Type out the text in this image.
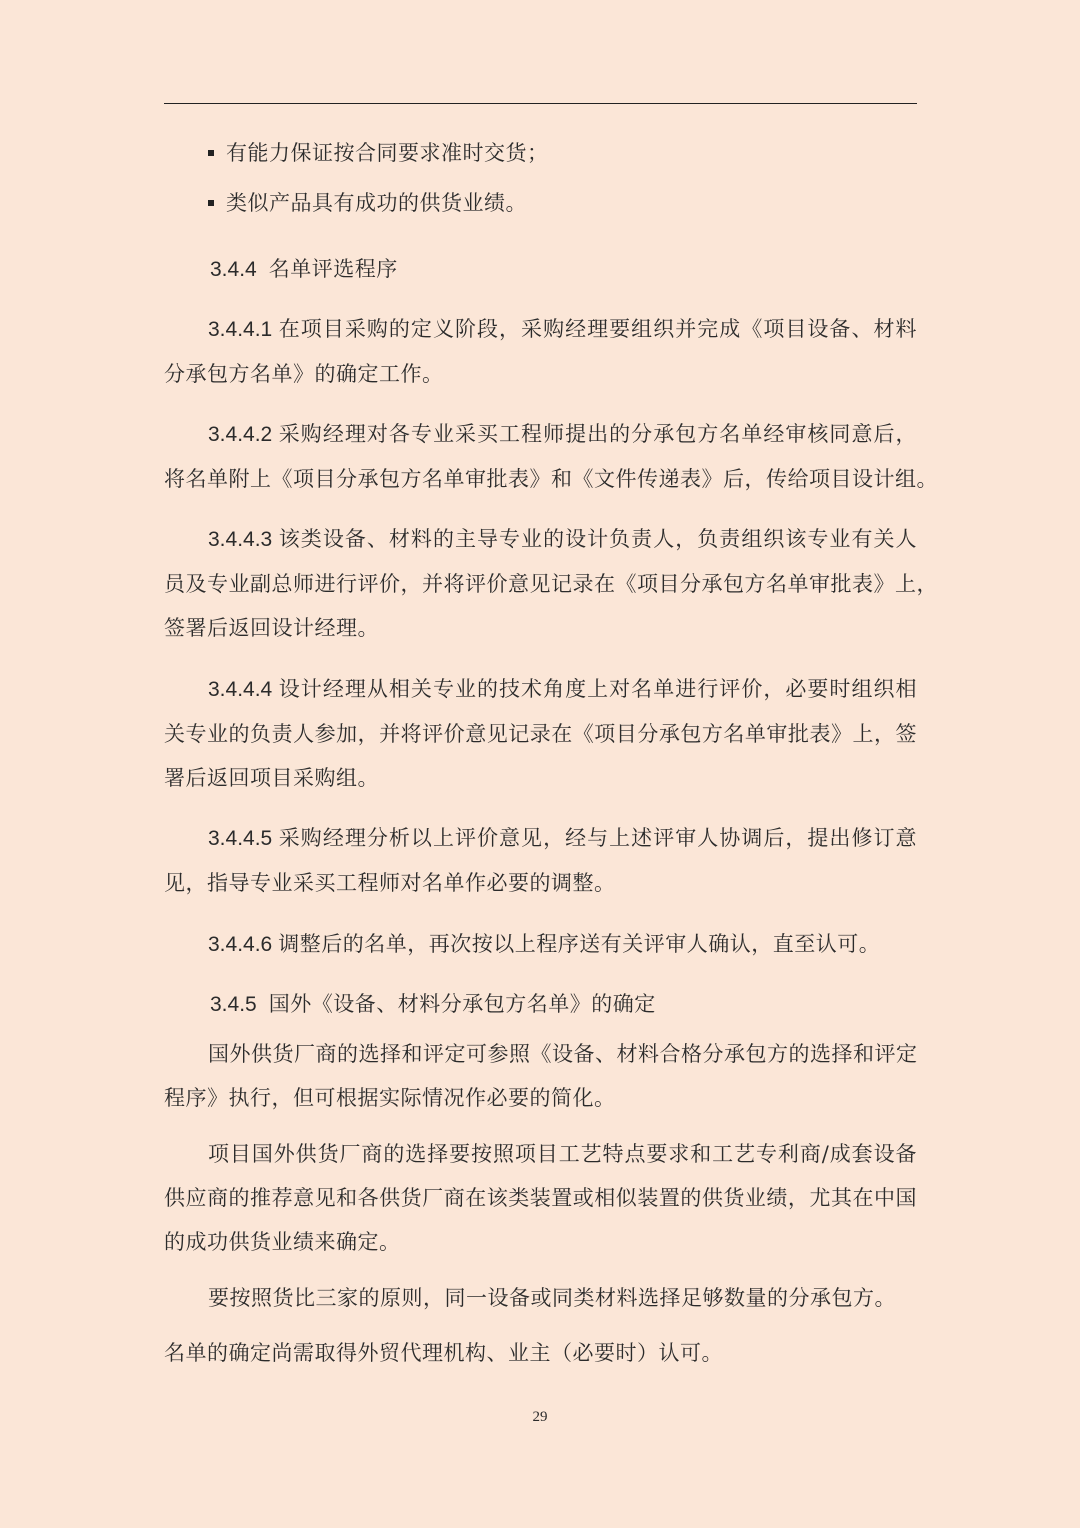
有能力保证按合同要求准时交货；
类似产品具有成功的供货业绩。
3.4.4 名单评选程序
3.4.4.1 在项目采购的定义阶段，采购经理要组织并完成《项目设备、材料
分承包方名单》的确定工作。
3.4.4.2 采购经理对各专业采买工程师提出的分承包方名单经审核同意后，
将名单附上《项目分承包方名单审批表》和《文件传递表》后，传给项目设计组。
3.4.4.3 该类设备、材料的主导专业的设计负责人，负责组织该专业有关人
员及专业副总师进行评价，并将评价意见记录在《项目分承包方名单审批表》上，
签署后返回设计经理。
3.4.4.4 设计经理从相关专业的技术角度上对名单进行评价，必要时组织相
关专业的负责人参加，并将评价意见记录在《项目分承包方名单审批表》上，签
署后返回项目采购组。
3.4.4.5 采购经理分析以上评价意见，经与上述评审人协调后，提出修订意
见，指导专业采买工程师对名单作必要的调整。
3.4.4.6 调整后的名单，再次按以上程序送有关评审人确认，直至认可。
3.4.5 国外《设备、材料分承包方名单》的确定
国外供货厂商的选择和评定可参照《设备、材料合格分承包方的选择和评定
程序》执行，但可根据实际情况作必要的简化。
项目国外供货厂商的选择要按照项目工艺特点要求和工艺专利商/成套设备
供应商的推荐意见和各供货厂商在该类装置或相似装置的供货业绩，尤其在中国
的成功供货业绩来确定。
要按照货比三家的原则，同一设备或同类材料选择足够数量的分承包方。
名单的确定尚需取得外贸代理机构、业主（必要时）认可。
29
